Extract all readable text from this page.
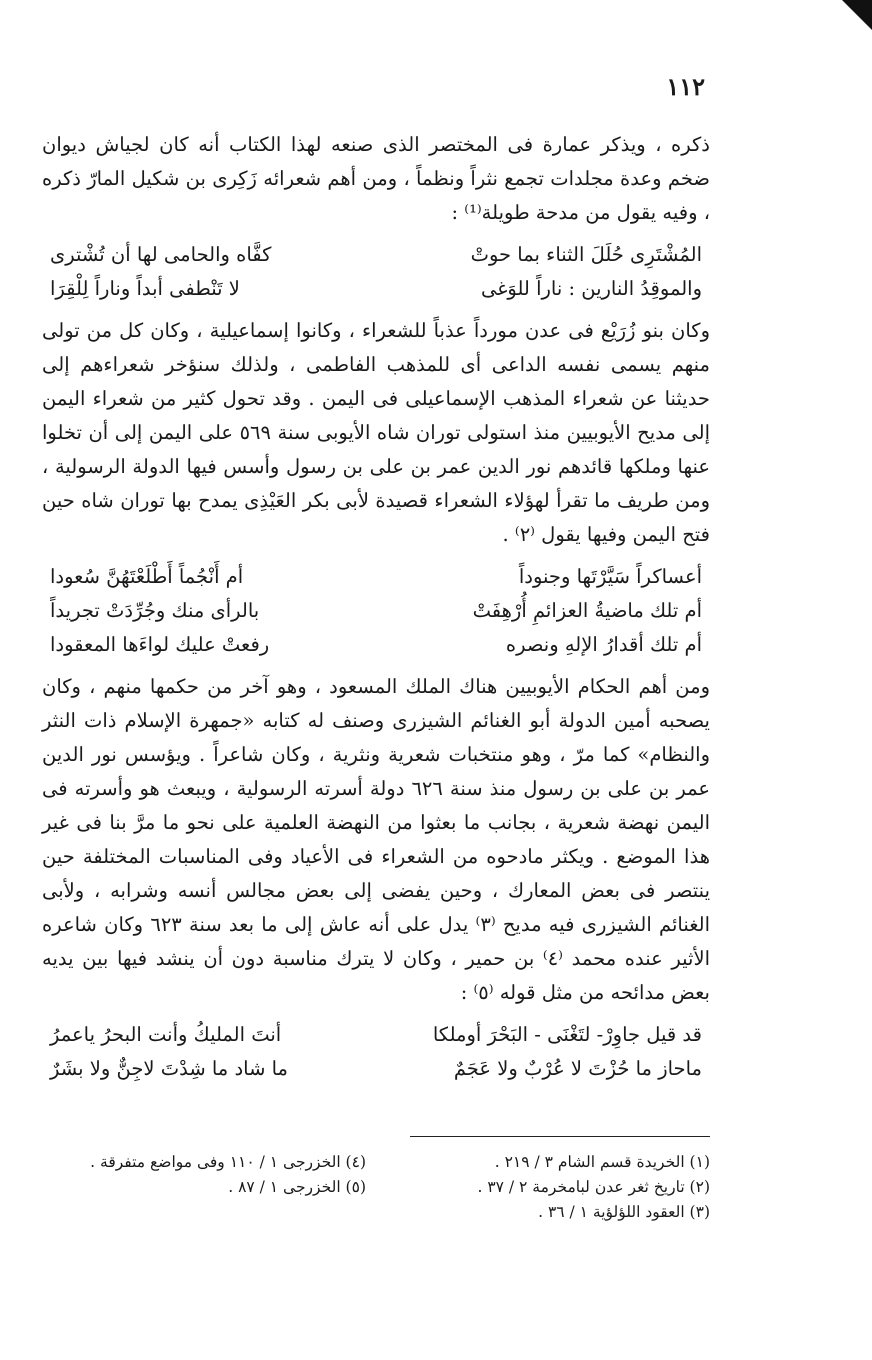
١١٢

ذكره ، ويذكر عمارة فى المختصر الذى صنعه لهذا الكتاب أنه كان لجياش ديوان ضخم وعدة مجلدات تجمع نثراً ونظماً ، ومن أهم شعرائه زَكِرى بن شكيل المارّ ذكره ، وفيه يقول من مدحة طويلة⁽¹⁾ :

المُشْتَرِى حُلَلَ الثناء بما حوتْ
كفَّاه والحامى لها أن تُشْترى
والموقِدُ النارين : ناراً للوَغى
لا تَنْطفى أبداً وناراً لِلْقِرَا

وكان بنو زُرَيْع فى عدن مورداً عذباً للشعراء ، وكانوا إسماعيلية ، وكان كل من تولى منهم يسمى نفسه الداعى أى للمذهب الفاطمى ، ولذلك سنؤخر شعراءهم إلى حديثنا عن شعراء المذهب الإسماعيلى فى اليمن . وقد تحول كثير من شعراء اليمن إلى مديح الأيوبيين منذ استولى توران شاه الأيوبى سنة ٥٦٩ على اليمن إلى أن تخلوا عنها وملكها قائدهم نور الدين عمر بن على بن رسول وأسس فيها الدولة الرسولية ، ومن طريف ما تقرأ لهؤلاء الشعراء قصيدة لأبى بكر العَيْذِى يمدح بها توران شاه حين فتح اليمن وفيها يقول ⁽٢⁾ .

أعساكراً سَيَّرْتَها وجنوداً
أم أَنْجُماً أَطْلَعْتَهُنَّ سُعودا
أم تلك ماضيةُ العزائمِ أُرْهِفَتْ
بالرأى منك وجُرِّدَتْ تجريداً
أم تلك أقدارُ الإلهِ ونصره
رفعتْ عليك لواءَها المعقودا

ومن أهم الحكام الأيوبيين هناك الملك المسعود ، وهو آخر من حكمها منهم ، وكان يصحبه أمين الدولة أبو الغنائم الشيزرى وصنف له كتابه «جمهرة الإسلام ذات النثر والنظام» كما مرّ ، وهو منتخبات شعرية ونثرية ، وكان شاعراً . ويؤسس نور الدين عمر بن على بن رسول منذ سنة ٦٢٦ دولة أسرته الرسولية ، ويبعث هو وأسرته فى اليمن نهضة شعرية ، بجانب ما بعثوا من النهضة العلمية على نحو ما مرَّ بنا فى غير هذا الموضع . ويكثر مادحوه من الشعراء فى الأعياد وفى المناسبات المختلفة حين ينتصر فى بعض المعارك ، وحين يفضى إلى بعض مجالس أنسه وشرابه ، ولأبى الغنائم الشيزرى فيه مديح ⁽٣⁾ يدل على أنه عاش إلى ما بعد سنة ٦٢٣ وكان شاعره الأثير عنده محمد ⁽٤⁾ بن حمير ، وكان لا يترك مناسبة دون أن ينشد فيها بين يديه بعض مدائحه من مثل قوله ⁽٥⁾ :

قد قيل جاوِرْ- لتَغْنَى - البَحْرَ أوملكا
أنتَ المليكُ وأنت البحرُ ياعمرُ
ماحاز ما حُزْتَ لا عُرْبٌ ولا عَجَمٌ
ما شاد ما شِدْتَ لاجِنٌّ ولا بشَرٌ
(١) الخريدة قسم الشام ٣ / ٢١٩ .
(٢) تاريخ ثغر عدن لبامخرمة ٢ / ٣٧ .
(٣) العقود اللؤلؤية ١ / ٣٦ .
(٤) الخزرجى ١ / ١١٠ وفى مواضع متفرقة .
(٥) الخزرجى ١ / ٨٧ .
